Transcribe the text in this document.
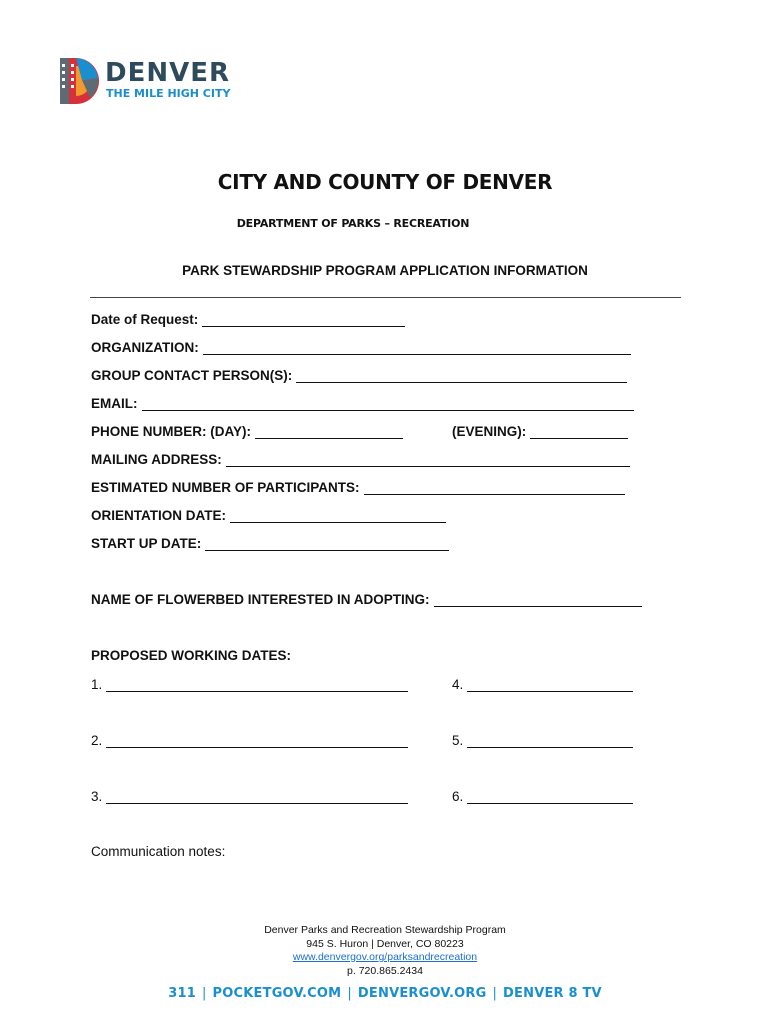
DENVER
THE MILE HIGH CITY
CITY AND COUNTY OF DENVER
DEPARTMENT OF PARKS – RECREATION
PARK STEWARDSHIP PROGRAM APPLICATION INFORMATION
Date of Request:
ORGANIZATION:
GROUP CONTACT PERSON(S):
EMAIL:
PHONE NUMBER: (DAY):	(EVENING):
MAILING ADDRESS:
ESTIMATED NUMBER OF PARTICIPANTS:
ORIENTATION DATE:
START UP DATE:
NAME OF FLOWERBED INTERESTED IN ADOPTING:
PROPOSED WORKING DATES:
1.	4.
2.	5.
3.	6.
Communication notes:
Denver Parks and Recreation Stewardship Program
945 S. Huron | Denver, CO 80223
www.denvergov.org/parksandrecreation
p. 720.865.2434
311 | POCKETGOV.COM | DENVERGOV.ORG | DENVER 8 TV
